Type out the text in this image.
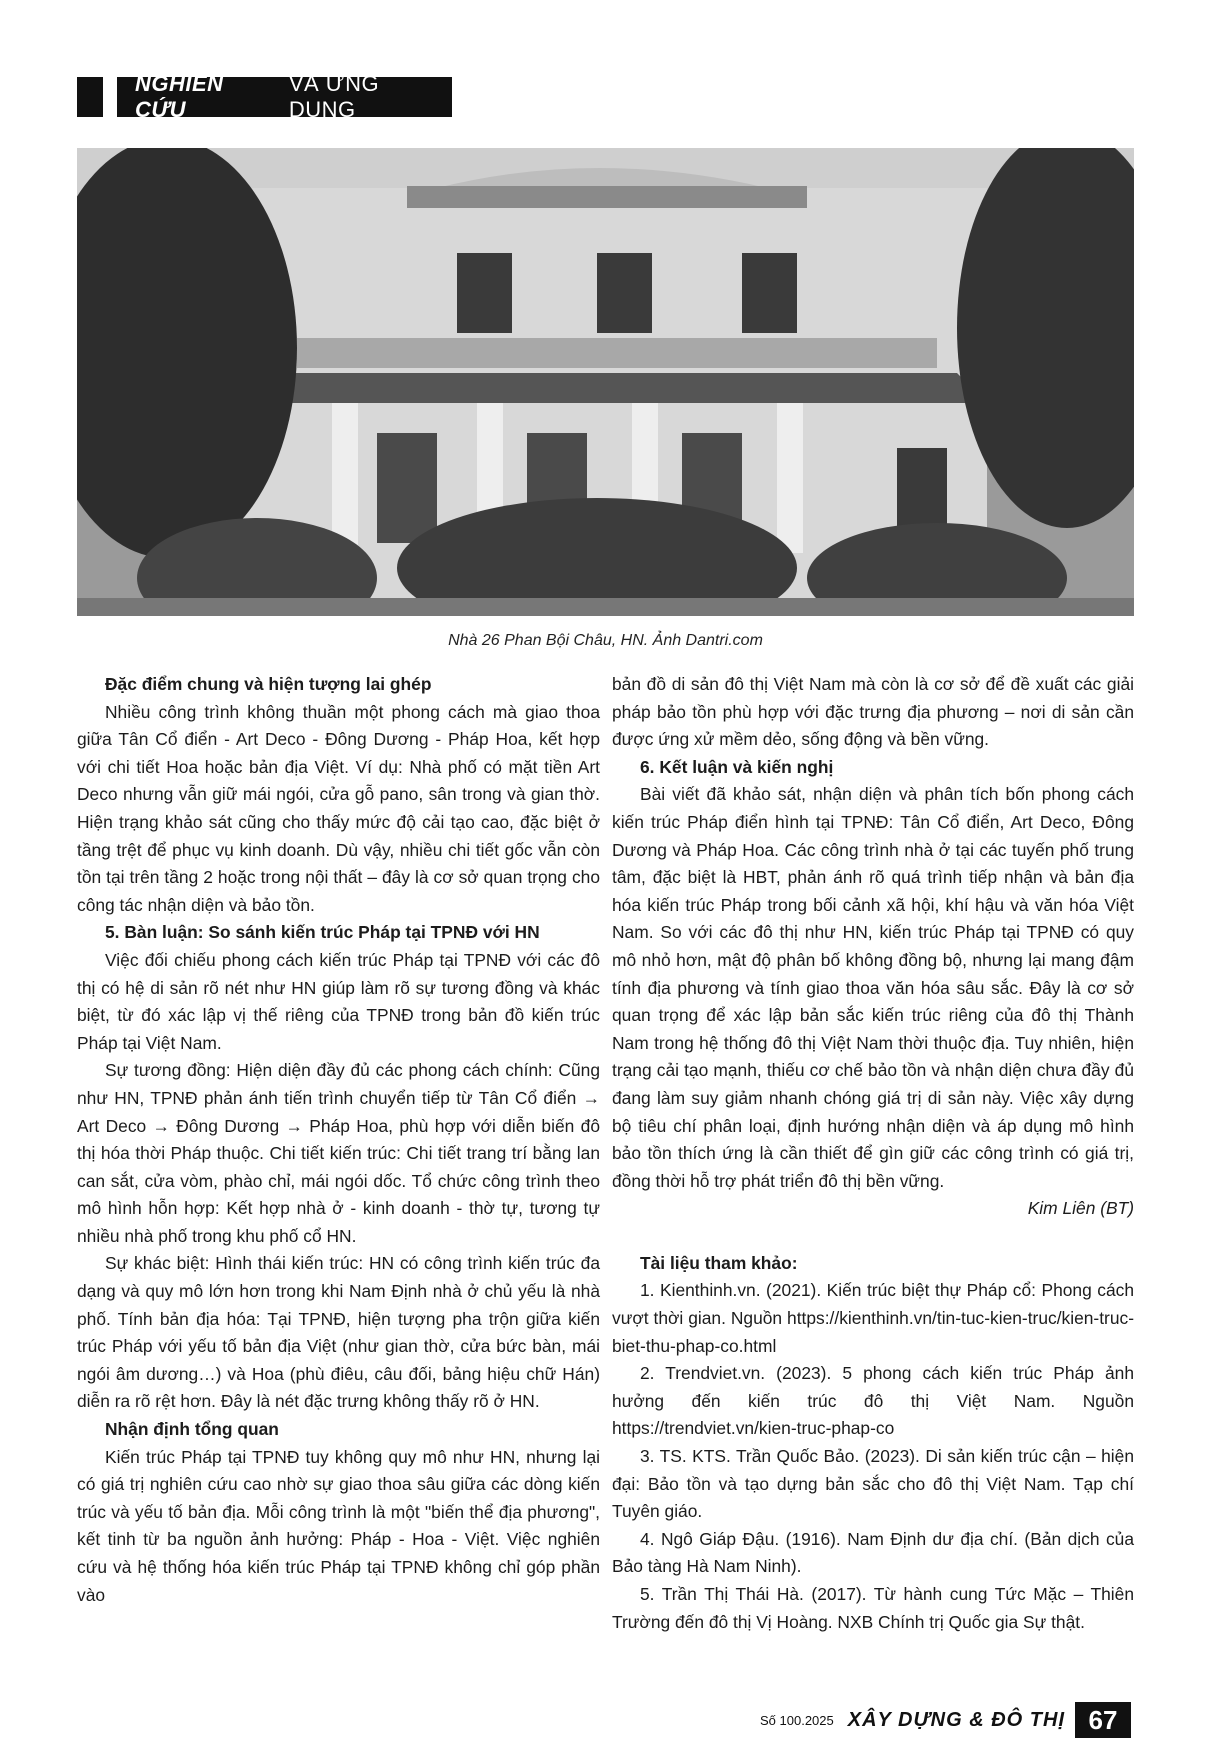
NGHIÊN CỨU
VÀ ỨNG DỤNG
Nhà 26 Phan Bội Châu, HN. Ảnh Dantri.com
Đặc điểm chung và hiện tượng lai ghép

Nhiều công trình không thuần một phong cách mà giao thoa giữa Tân Cổ điển - Art Deco - Đông Dương - Pháp Hoa, kết hợp với chi tiết Hoa hoặc bản địa Việt. Ví dụ: Nhà phố có mặt tiền Art Deco nhưng vẫn giữ mái ngói, cửa gỗ pano, sân trong và gian thờ. Hiện trạng khảo sát cũng cho thấy mức độ cải tạo cao, đặc biệt ở tầng trệt để phục vụ kinh doanh. Dù vậy, nhiều chi tiết gốc vẫn còn tồn tại trên tầng 2 hoặc trong nội thất – đây là cơ sở quan trọng cho công tác nhận diện và bảo tồn.

5. Bàn luận: So sánh kiến trúc Pháp tại TPNĐ với HN

Việc đối chiếu phong cách kiến trúc Pháp tại TPNĐ với các đô thị có hệ di sản rõ nét như HN giúp làm rõ sự tương đồng và khác biệt, từ đó xác lập vị thế riêng của TPNĐ trong bản đồ kiến trúc Pháp tại Việt Nam.

Sự tương đồng: Hiện diện đầy đủ các phong cách chính: Cũng như HN, TPNĐ phản ánh tiến trình chuyển tiếp từ Tân Cổ điển → Art Deco → Đông Dương → Pháp Hoa, phù hợp với diễn biến đô thị hóa thời Pháp thuộc. Chi tiết kiến trúc: Chi tiết trang trí bằng lan can sắt, cửa vòm, phào chỉ, mái ngói dốc. Tổ chức công trình theo mô hình hỗn hợp: Kết hợp nhà ở - kinh doanh - thờ tự, tương tự nhiều nhà phố trong khu phố cổ HN.

Sự khác biệt: Hình thái kiến trúc: HN có công trình kiến trúc đa dạng và quy mô lớn hơn trong khi Nam Định nhà ở chủ yếu là nhà phố. Tính bản địa hóa: Tại TPNĐ, hiện tượng pha trộn giữa kiến trúc Pháp với yếu tố bản địa Việt (như gian thờ, cửa bức bàn, mái ngói âm dương…) và Hoa (phù điêu, câu đối, bảng hiệu chữ Hán) diễn ra rõ rệt hơn. Đây là nét đặc trưng không thấy rõ ở HN.

Nhận định tổng quan

Kiến trúc Pháp tại TPNĐ tuy không quy mô như HN, nhưng lại có giá trị nghiên cứu cao nhờ sự giao thoa sâu giữa các dòng kiến trúc và yếu tố bản địa. Mỗi công trình là một "biến thể địa phương", kết tinh từ ba nguồn ảnh hưởng: Pháp - Hoa - Việt. Việc nghiên cứu và hệ thống hóa kiến trúc Pháp tại TPNĐ không chỉ góp phần vào

bản đồ di sản đô thị Việt Nam mà còn là cơ sở để đề xuất các giải pháp bảo tồn phù hợp với đặc trưng địa phương – nơi di sản cần được ứng xử mềm dẻo, sống động và bền vững.

6. Kết luận và kiến nghị

Bài viết đã khảo sát, nhận diện và phân tích bốn phong cách kiến trúc Pháp điển hình tại TPNĐ: Tân Cổ điển, Art Deco, Đông Dương và Pháp Hoa. Các công trình nhà ở tại các tuyến phố trung tâm, đặc biệt là HBT, phản ánh rõ quá trình tiếp nhận và bản địa hóa kiến trúc Pháp trong bối cảnh xã hội, khí hậu và văn hóa Việt Nam. So với các đô thị như HN, kiến trúc Pháp tại TPNĐ có quy mô nhỏ hơn, mật độ phân bố không đồng bộ, nhưng lại mang đậm tính địa phương và tính giao thoa văn hóa sâu sắc. Đây là cơ sở quan trọng để xác lập bản sắc kiến trúc riêng của đô thị Thành Nam trong hệ thống đô thị Việt Nam thời thuộc địa. Tuy nhiên, hiện trạng cải tạo mạnh, thiếu cơ chế bảo tồn và nhận diện chưa đầy đủ đang làm suy giảm nhanh chóng giá trị di sản này. Việc xây dựng bộ tiêu chí phân loại, định hướng nhận diện và áp dụng mô hình bảo tồn thích ứng là cần thiết để gìn giữ các công trình có giá trị, đồng thời hỗ trợ phát triển đô thị bền vững.

Kim Liên (BT)

Tài liệu tham khảo:

1. Kienthinh.vn. (2021). Kiến trúc biệt thự Pháp cổ: Phong cách vượt thời gian. Nguồn https://kienthinh.vn/tin-tuc-kien-truc/kien-truc-biet-thu-phap-co.html

2. Trendviet.vn. (2023). 5 phong cách kiến trúc Pháp ảnh hưởng đến kiến trúc đô thị Việt Nam. Nguồn https://trendviet.vn/kien-truc-phap-co

3. TS. KTS. Trần Quốc Bảo. (2023). Di sản kiến trúc cận – hiện đại: Bảo tồn và tạo dựng bản sắc cho đô thị Việt Nam. Tạp chí Tuyên giáo.

4. Ngô Giáp Đậu. (1916). Nam Định dư địa chí. (Bản dịch của Bảo tàng Hà Nam Ninh).

5. Trần Thị Thái Hà. (2017). Từ hành cung Tức Mặc – Thiên Trường đến đô thị Vị Hoàng. NXB Chính trị Quốc gia Sự thật.

Số 100.2025 XÂY DỰNG & ĐÔ THỊ 67
